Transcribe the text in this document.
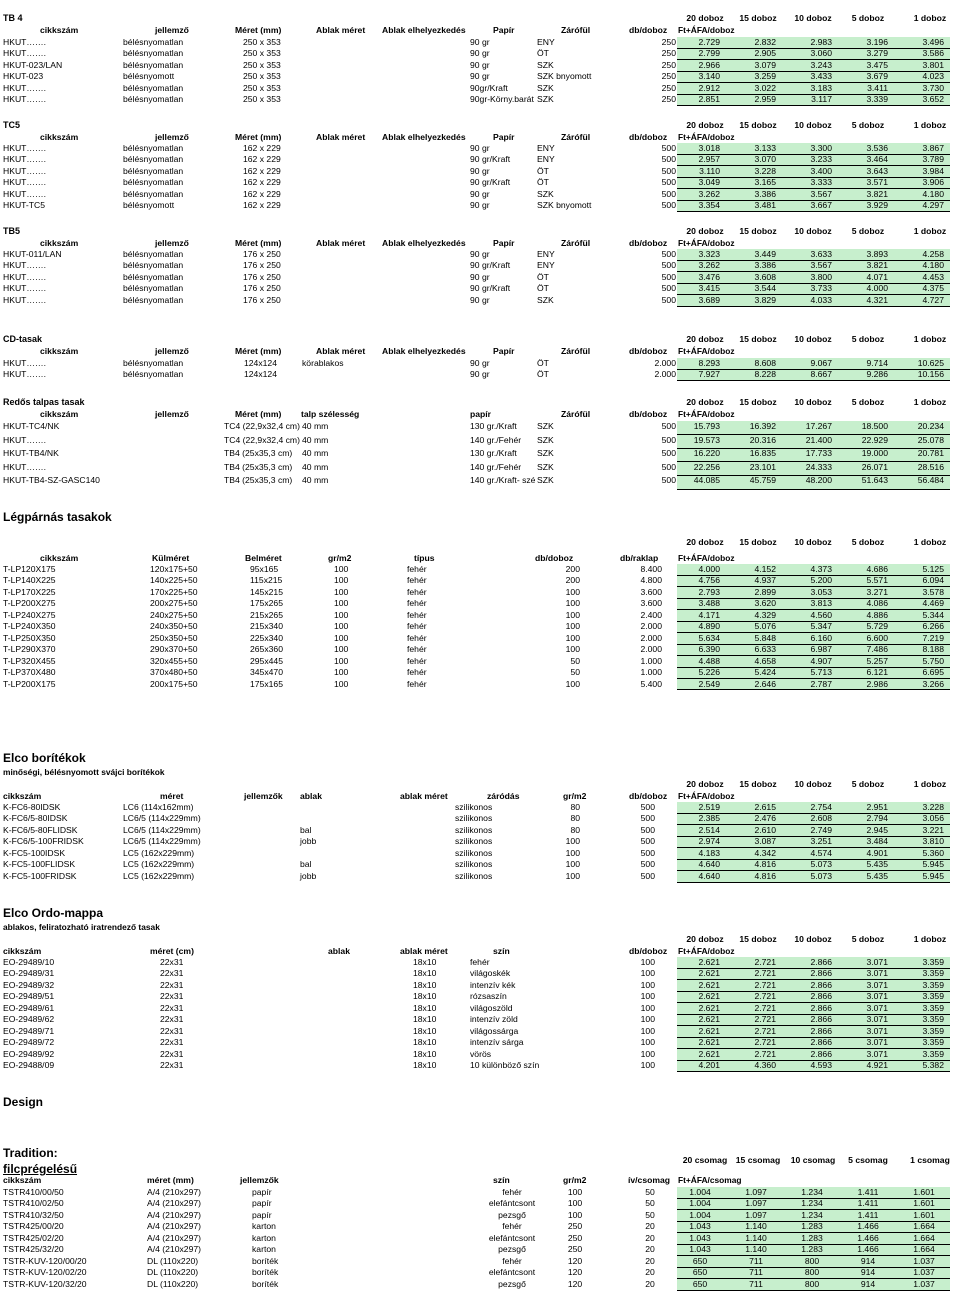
TB 4	20 doboz 15 doboz 10 doboz 5 doboz	1 doboz
cikkszám	jellemző	Méret (mm)	Ablak méret Ablak elhelyezkedés	Papír	Zárófül	db/doboz Ft+ÁFA/doboz
HKUT…….	bélésnyomatlan	250 x 353	90 gr	ENY	250	2.729	2.832	2.983	3.196	3.496
HKUT…….	bélésnyomatlan	250 x 353	90 gr	ÖT	250	2.799	2.905	3.060	3.279	3.586
HKUT-023/LAN	bélésnyomatlan	250 x 353	90 gr	SZK	250	2.966	3.079	3.243	3.475	3.801
HKUT-023	bélésnyomott	250 x 353	90 gr	SZK bnyomott	250	3.140	3.259	3.433	3.679	4.023
HKUT…….	bélésnyomatlan	250 x 353	90gr/Kraft	SZK	250	2.912	3.022	3.183	3.411	3.730
HKUT…….	bélésnyomatlan	250 x 353	90gr-Körny.barát SZK	250	2.851	2.959	3.117	3.339	3.652
TC5	20 doboz 15 doboz 10 doboz 5 doboz	1 doboz
cikkszám	jellemző	Méret (mm)	Ablak méret Ablak elhelyezkedés	Papír	Zárófül	db/doboz Ft+ÁFA/doboz
HKUT…….	bélésnyomatlan	162 x 229	90 gr	ENY	500	3.018	3.133	3.300	3.536	3.867
HKUT…….	bélésnyomatlan	162 x 229	90 gr/Kraft	ENY	500	2.957	3.070	3.233	3.464	3.789
HKUT…….	bélésnyomatlan	162 x 229	90 gr	ÖT	500	3.110	3.228	3.400	3.643	3.984
HKUT…….	bélésnyomatlan	162 x 229	90 gr/Kraft	ÖT	500	3.049	3.165	3.333	3.571	3.906
HKUT…….	bélésnyomatlan	162 x 229	90 gr	SZK	500	3.262	3.386	3.567	3.821	4.180
HKUT-TC5	bélésnyomott	162 x 229	90 gr	SZK bnyomott	500	3.354	3.481	3.667	3.929	4.297
TB5	20 doboz 15 doboz 10 doboz 5 doboz	1 doboz
cikkszám	jellemző	Méret (mm)	Ablak méret Ablak elhelyezkedés	Papír	Zárófül	db/doboz Ft+ÁFA/doboz
HKUT-011/LAN	bélésnyomatlan	176 x 250	90 gr	ENY	500	3.323	3.449	3.633	3.893	4.258
HKUT…….	bélésnyomatlan	176 x 250	90 gr/Kraft	ENY	500	3.262	3.386	3.567	3.821	4.180
HKUT…….	bélésnyomatlan	176 x 250	90 gr	ÖT	500	3.476	3.608	3.800	4.071	4.453
HKUT…….	bélésnyomatlan	176 x 250	90 gr/Kraft	ÖT	500	3.415	3.544	3.733	4.000	4.375
HKUT…….	bélésnyomatlan	176 x 250	90 gr	SZK	500	3.689	3.829	4.033	4.321	4.727
CD-tasak	20 doboz 15 doboz 10 doboz 5 doboz	1 doboz
cikkszám	jellemző	Méret (mm)	Ablak méret Ablak elhelyezkedés	Papír	Zárófül	db/doboz Ft+ÁFA/doboz
HKUT…….	bélésnyomatlan	124x124	körablakos	90 gr	ÖT	2.000	8.293	8.608	9.067	9.714	10.625
HKUT…….	bélésnyomatlan	124x124	90 gr	ÖT	2.000	7.927	8.228	8.667	9.286	10.156
Redős talpas tasak	20 doboz 15 doboz 10 doboz 5 doboz	1 doboz
cikkszám	jellemző	Méret (mm) talp szélesség	papír	Zárófül	db/doboz Ft+ÁFA/doboz
HKUT-TC4/NK	TC4 (22,9x32,4 cm) 40 mm	130 gr./Kraft SZK	500 15.793	16.392	17.267	18.500	20.234
HKUT…….	TC4 (22,9x32,4 cm) 40 mm	140 gr./Fehér SZK	500 19.573	20.316	21.400	22.929	25.078
HKUT-TB4/NK	TB4 (25x35,3 cm) 40 mm	130 gr./Kraft SZK	500 16.220	16.835	17.733	19.000	20.781
HKUT…….	TB4 (25x35,3 cm) 40 mm	140 gr./Fehér SZK	500 22.256	23.101	24.333	26.071	28.516
HKUT-TB4-SZ-GASC140	TB4 (25x35,3 cm) 40 mm	140 gr./Kraft- szé SZK	500 44.085	45.759	48.200	51.643	56.484
Légpárnás tasakok
20 doboz 15 doboz 10 doboz 5 doboz	1 doboz
cikkszám	Külméret	Belméret	gr/m2	típus	db/doboz	db/raklap Ft+ÁFA/doboz
T-LP120X175	120x175+50	95x165	100	fehér	200	8.400	4.000	4.152	4.373	4.686	5.125
T-LP140X225	140x225+50	115x215	100	fehér	200	4.800	4.756	4.937	5.200	5.571	6.094
T-LP170X225	170x225+50	145x215	100	fehér	100	3.600	2.793	2.899	3.053	3.271	3.578
T-LP200X275	200x275+50	175x265	100	fehér	100	3.600	3.488	3.620	3.813	4.086	4.469
T-LP240X275	240x275+50	215x265	100	fehér	100	2.400	4.171	4.329	4.560	4.886	5.344
T-LP240X350	240x350+50	215x340	100	fehér	100	2.000	4.890	5.076	5.347	5.729	6.266
T-LP250X350	250x350+50	225x340	100	fehér	100	2.000	5.634	5.848	6.160	6.600	7.219
T-LP290X370	290x370+50	265x360	100	fehér	100	2.000	6.390	6.633	6.987	7.486	8.188
T-LP320X455	320x455+50	295x445	100	fehér	50	1.000	4.488	4.658	4.907	5.257	5.750
T-LP370X480	370x480+50	345x470	100	fehér	50	1.000	5.226	5.424	5.713	6.121	6.695
T-LP200X175	200x175+50	175x165	100	fehér	100	5.400	2.549	2.646	2.787	2.986	3.266
Elco borítékok
minőségi, bélésnyomott svájci borítékok
20 doboz 15 doboz 10 doboz 5 doboz	1 doboz
cikkszám	méret	jellemzők ablak	ablak méret	záródás	gr/m2	db/doboz Ft+ÁFA/doboz
K-FC6-80IDSK	LC6 (114x162mm)	szilikonos	80	500	2.519	2.615	2.754	2.951	3.228
K-FC6/5-80IDSK	LC6/5 (114x229mm)	szilikonos	80	500	2.385	2.476	2.608	2.794	3.056
K-FC6/5-80FLIDSK	LC6/5 (114x229mm)	bal	szilikonos	80	500	2.514	2.610	2.749	2.945	3.221
K-FC6/5-100FRIDSK	LC6/5 (114x229mm)	jobb	szilikonos	100	500	2.974	3.087	3.251	3.484	3.810
K-FC5-100IDSK	LC5 (162x229mm)	szilikonos	100	500	4.183	4.342	4.574	4.901	5.360
K-FC5-100FLIDSK	LC5 (162x229mm)	bal	szilikonos	100	500	4.640	4.816	5.073	5.435	5.945
K-FC5-100FRIDSK	LC5 (162x229mm)	jobb	szilikonos	100	500	4.640	4.816	5.073	5.435	5.945
Elco Ordo-mappa
ablakos, feliratozható iratrendező tasak
20 doboz 15 doboz 10 doboz 5 doboz	1 doboz
cikkszám	méret (cm)	ablak	ablak méret	szín	db/doboz Ft+ÁFA/doboz
EO-29489/10	22x31	18x10	fehér	100	2.621	2.721	2.866	3.071	3.359
EO-29489/31	22x31	18x10	világoskék	100	2.621	2.721	2.866	3.071	3.359
EO-29489/32	22x31	18x10	intenzív kék	100	2.621	2.721	2.866	3.071	3.359
EO-29489/51	22x31	18x10	rózsaszín	100	2.621	2.721	2.866	3.071	3.359
EO-29489/61	22x31	18x10	világoszöld	100	2.621	2.721	2.866	3.071	3.359
EO-29489/62	22x31	18x10	intenzív zöld	100	2.621	2.721	2.866	3.071	3.359
EO-29489/71	22x31	18x10	világossárga	100	2.621	2.721	2.866	3.071	3.359
EO-29489/72	22x31	18x10	intenzív sárga	100	2.621	2.721	2.866	3.071	3.359
EO-29489/92	22x31	18x10	vörös	100	2.621	2.721	2.866	3.071	3.359
EO-29488/09	22x31	18x10	10 különböző szín	100	4.201	4.360	4.593	4.921	5.382
Design
Tradition:
filcprégelésű
20 csomag 15 csomag 10 csomag 5 csomag	1 csomag
cikkszám	méret (mm)	jellemzők	szín	gr/m2	ív/csomag Ft+ÁFA/csomag
TSTR410/00/50	A/4 (210x297)	papír	fehér	100	50	1.004	1.097	1.234	1.411	1.601
TSTR410/02/50	A/4 (210x297)	papír	elefántcsont	100	50	1.004	1.097	1.234	1.411	1.601
TSTR410/32/50	A/4 (210x297)	papír	pezsgő	100	50	1.004	1.097	1.234	1.411	1.601
TSTR425/00/20	A/4 (210x297)	karton	fehér	250	20	1.043	1.140	1.283	1.466	1.664
TSTR425/02/20	A/4 (210x297)	karton	elefántcsont	250	20	1.043	1.140	1.283	1.466	1.664
TSTR425/32/20	A/4 (210x297)	karton	pezsgő	250	20	1.043	1.140	1.283	1.466	1.664
TSTR-KUV-120/00/20	DL (110x220)	boríték	fehér	120	20	650	711	800	914	1.037
TSTR-KUV-120/02/20	DL (110x220)	boríték	elefántcsont	120	20	650	711	800	914	1.037
TSTR-KUV-120/32/20	DL (110x220)	boríték	pezsgő	120	20	650	711	800	914	1.037
